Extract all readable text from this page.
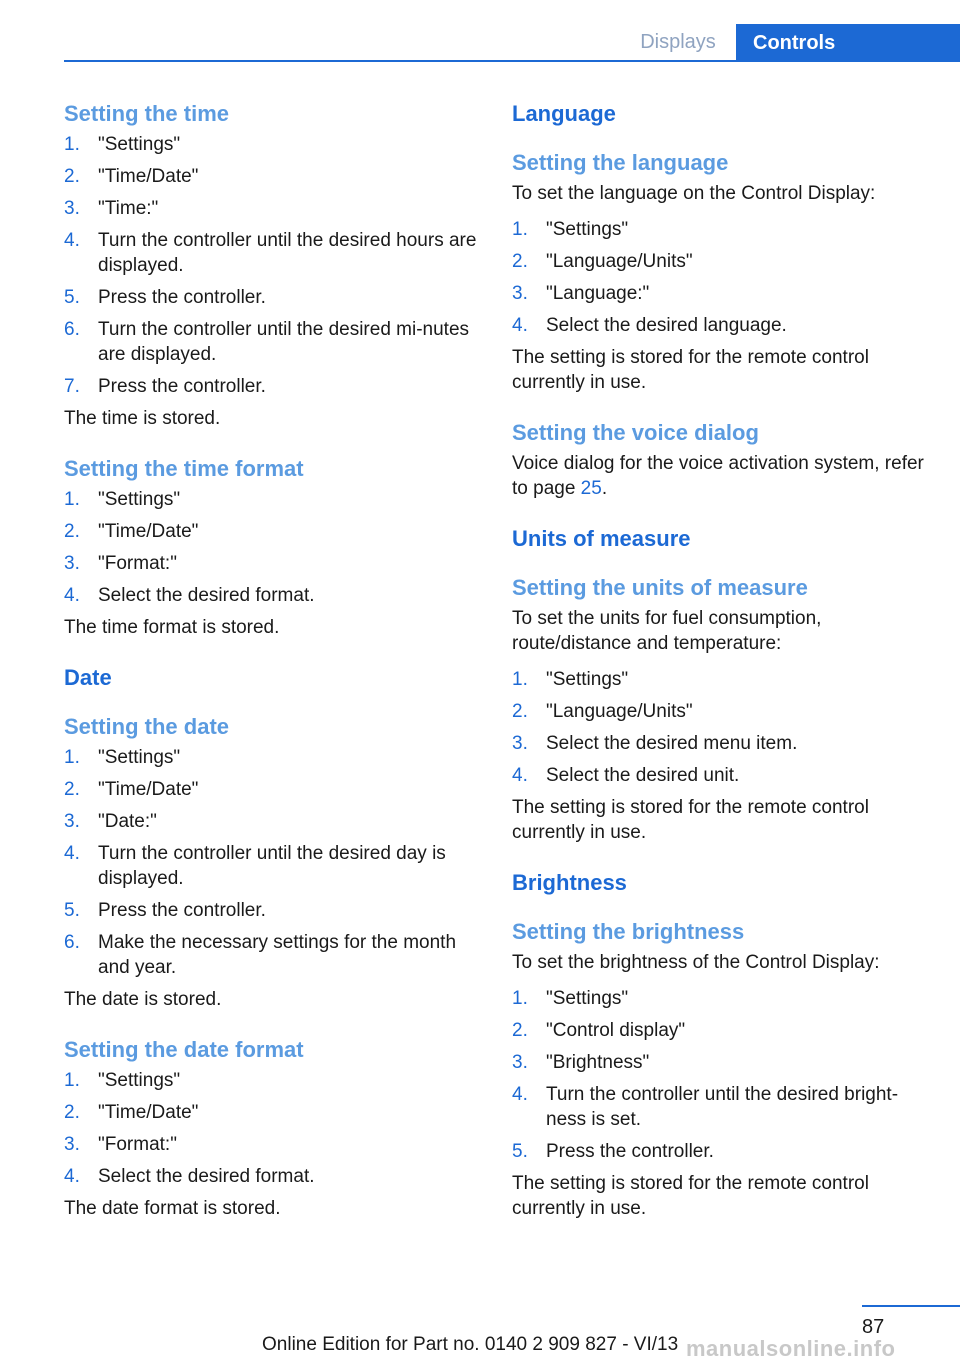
Displays	Controls
Setting the time
1. "Settings"
2. "Time/Date"
3. "Time:"
4. Turn the controller until the desired hours are displayed.
5. Press the controller.
6. Turn the controller until the desired mi-nutes are displayed.
7. Press the controller.

The time is stored.

Setting the time format
1. "Settings"
2. "Time/Date"
3. "Format:"
4. Select the desired format.

The time format is stored.

Date
Setting the date
1. "Settings"
2. "Time/Date"
3. "Date:"
4. Turn the controller until the desired day is displayed.
5. Press the controller.
6. Make the necessary settings for the month and year.

The date is stored.

Setting the date format
1. "Settings"
2. "Time/Date"
3. "Format:"
4. Select the desired format.

The date format is stored.

Language
Setting the language

To set the language on the Control Display:

1. "Settings"
2. "Language/Units"
3. "Language:"
4. Select the desired language.

The setting is stored for the remote control currently in use.

Setting the voice dialog

Voice dialog for the voice activation system, refer to page 25.

Units of measure
Setting the units of measure

To set the units for fuel consumption, route/distance and temperature:

1. "Settings"
2. "Language/Units"
3. Select the desired menu item.
4. Select the desired unit.

The setting is stored for the remote control currently in use.

Brightness
Setting the brightness

To set the brightness of the Control Display:

1. "Settings"
2. "Control display"
3. "Brightness"
4. Turn the controller until the desired bright-ness is set.
5. Press the controller.

The setting is stored for the remote control currently in use.

87
Online Edition for Part no. 0140 2 909 827 - VI/13 manualsonline.info
